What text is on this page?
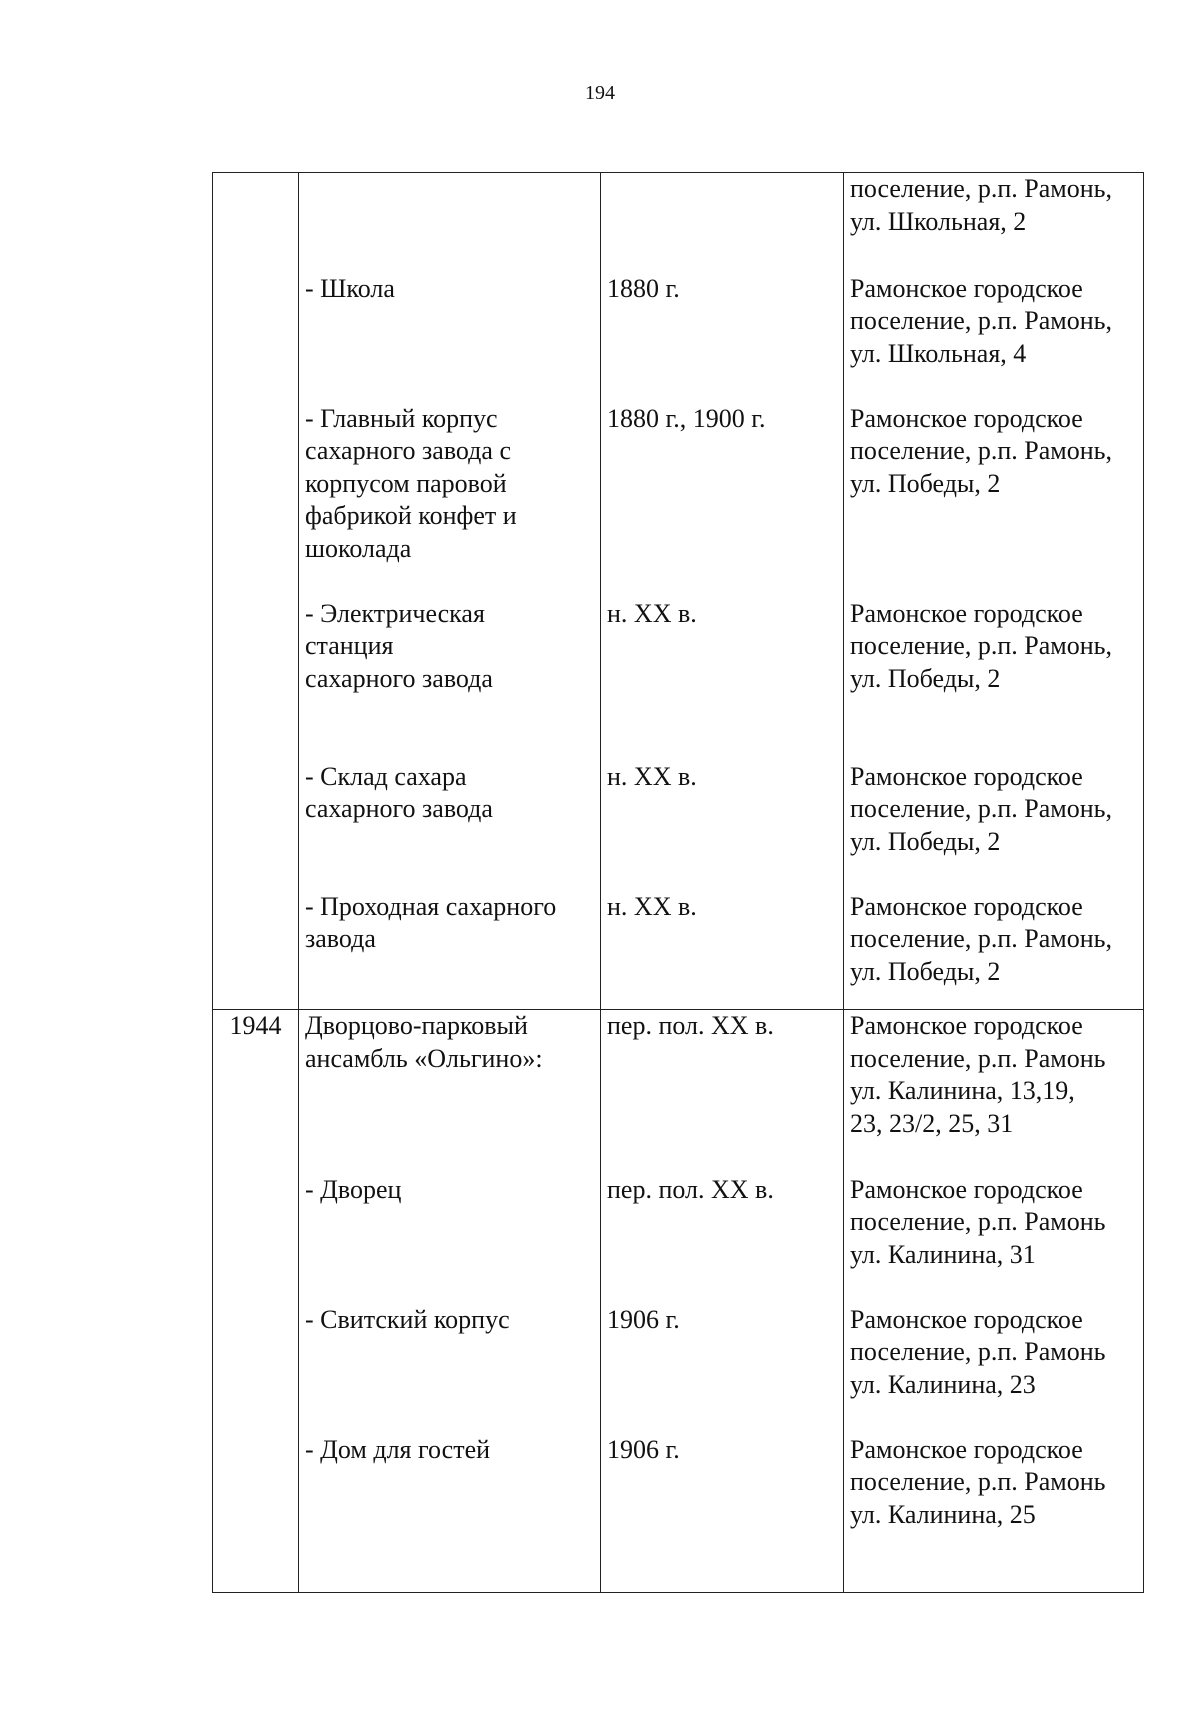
194
			поселение, р.п. Рамонь,
ул. Школьная, 2
	- Школа	1880 г.	Рамонское городское
поселение, р.п. Рамонь,
ул. Школьная, 4
	- Главный корпус
сахарного завода с
корпусом паровой
фабрикой конфет и
шоколада	1880 г., 1900 г.	Рамонское городское
поселение, р.п. Рамонь,
ул. Победы, 2
	- Электрическая
станция
сахарного завода	н. XX в.	Рамонское городское
поселение, р.п. Рамонь,
ул. Победы, 2
	- Склад сахара
сахарного завода	н. XX в.	Рамонское городское
поселение, р.п. Рамонь,
ул. Победы, 2
	- Проходная сахарного
завода	н. XX в.	Рамонское городское
поселение, р.п. Рамонь,
ул. Победы, 2
1944	Дворцово-парковый
ансамбль «Ольгино»:	пер. пол. XX в.	Рамонское городское
поселение, р.п. Рамонь
ул. Калинина, 13,19,
23, 23/2, 25, 31
	- Дворец	пер. пол. XX в.	Рамонское городское
поселение, р.п. Рамонь
ул. Калинина, 31
	- Свитский корпус	1906 г.	Рамонское городское
поселение, р.п. Рамонь
ул. Калинина, 23
	- Дом для гостей	1906 г.	Рамонское городское
поселение, р.п. Рамонь
ул. Калинина, 25
